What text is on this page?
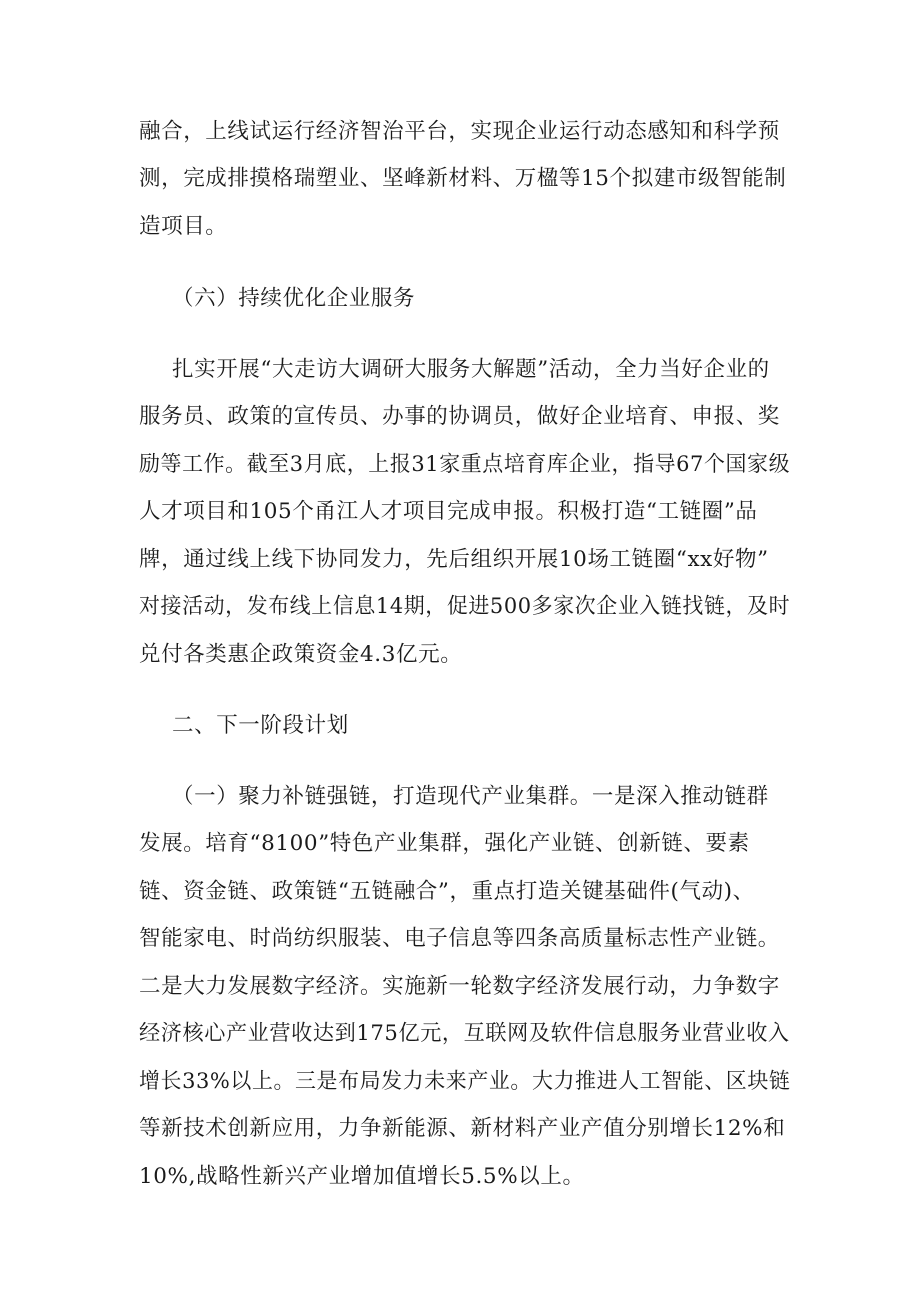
融合，上线试运行经济智治平台，实现企业运行动态感知和科学预
测，完成排摸格瑞塑业、坚峰新材料、万楹等15个拟建市级智能制
造项目。
（六）持续优化企业服务
扎实开展“大走访大调研大服务大解题”活动，全力当好企业的
服务员、政策的宣传员、办事的协调员，做好企业培育、申报、奖
励等工作。截至3月底，上报31家重点培育库企业，指导67个国家级
人才项目和105个甬江人才项目完成申报。积极打造“工链圈”品
牌，通过线上线下协同发力，先后组织开展10场工链圈“xx好物”
对接活动，发布线上信息14期，促进500多家次企业入链找链，及时
兑付各类惠企政策资金4.3亿元。
二、下一阶段计划
（一）聚力补链强链，打造现代产业集群。一是深入推动链群
发展。培育“8100”特色产业集群，强化产业链、创新链、要素
链、资金链、政策链“五链融合”，重点打造关键基础件(气动)、
智能家电、时尚纺织服装、电子信息等四条高质量标志性产业链。
二是大力发展数字经济。实施新一轮数字经济发展行动，力争数字
经济核心产业营收达到175亿元，互联网及软件信息服务业营业收入
增长33%以上。三是布局发力未来产业。大力推进人工智能、区块链
等新技术创新应用，力争新能源、新材料产业产值分别增长12%和
10%,战略性新兴产业增加值增长5.5%以上。
